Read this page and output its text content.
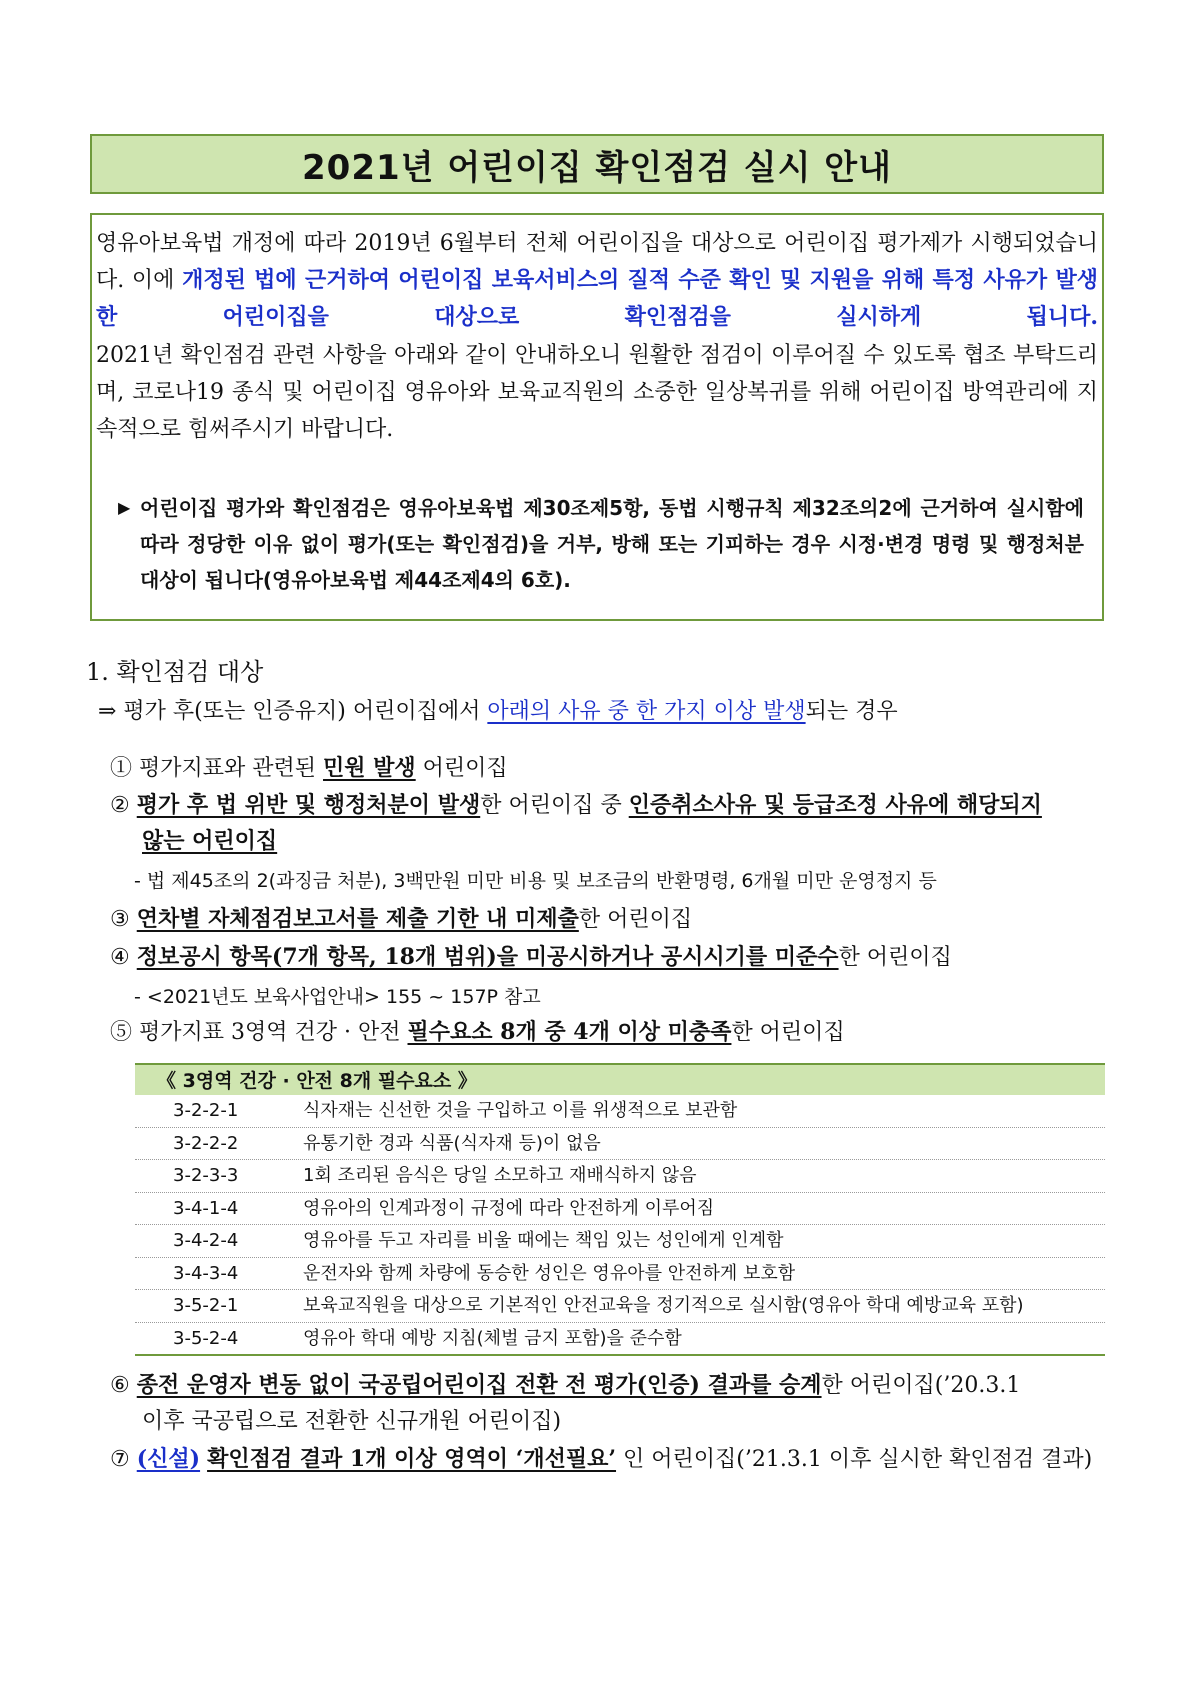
2021년 어린이집 확인점검 실시 안내
영유아보육법 개정에 따라 2019년 6월부터 전체 어린이집을 대상으로 어린이집 평가제가 시행되었습니다. 이에 개정된 법에 근거하여 어린이집 보육서비스의 질적 수준 확인 및 지원을 위해 특정 사유가 발생한 어린이집을 대상으로 확인점검을 실시하게 됩니다.
2021년 확인점검 관련 사항을 아래와 같이 안내하오니 원활한 점검이 이루어질 수 있도록 협조 부탁드리며, 코로나19 종식 및 어린이집 영유아와 보육교직원의 소중한 일상복귀를 위해 어린이집 방역관리에 지속적으로 힘써주시기 바랍니다.
▶ 어린이집 평가와 확인점검은 영유아보육법 제30조제5항, 동법 시행규칙 제32조의2에 근거하여 실시함에
따라 정당한 이유 없이 평가(또는 확인점검)을 거부, 방해 또는 기피하는 경우 시정·변경 명령 및 행정처분
대상이 됩니다(영유아보육법 제44조제4의 6호).
1. 확인점검 대상
⇒ 평가 후(또는 인증유지) 어린이집에서 아래의 사유 중 한 가지 이상 발생되는 경우
① 평가지표와 관련된 민원 발생 어린이집
② 평가 후 법 위반 및 행정처분이 발생한 어린이집 중 인증취소사유 및 등급조정 사유에 해당되지
않는 어린이집
- 법 제45조의 2(과징금 처분), 3백만원 미만 비용 및 보조금의 반환명령, 6개월 미만 운영정지 등
③ 연차별 자체점검보고서를 제출 기한 내 미제출한 어린이집
④ 정보공시 항목(7개 항목, 18개 범위)을 미공시하거나 공시시기를 미준수한 어린이집
- <2021년도 보육사업안내> 155 ~ 157P 참고
⑤ 평가지표 3영역 건강 · 안전 필수요소 8개 중 4개 이상 미충족한 어린이집
《 3영역 건강 · 안전 8개 필수요소 》
3-2-2-1	식자재는 신선한 것을 구입하고 이를 위생적으로 보관함
3-2-2-2	유통기한 경과 식품(식자재 등)이 없음
3-2-3-3	1회 조리된 음식은 당일 소모하고 재배식하지 않음
3-4-1-4	영유아의 인계과정이 규정에 따라 안전하게 이루어짐
3-4-2-4	영유아를 두고 자리를 비울 때에는 책임 있는 성인에게 인계함
3-4-3-4	운전자와 함께 차량에 동승한 성인은 영유아를 안전하게 보호함
3-5-2-1	보육교직원을 대상으로 기본적인 안전교육을 정기적으로 실시함(영유아 학대 예방교육 포함)
3-5-2-4	영유아 학대 예방 지침(체벌 금지 포함)을 준수함
⑥ 종전 운영자 변동 없이 국공립어린이집 전환 전 평가(인증) 결과를 승계한 어린이집(’20.3.1
이후 국공립으로 전환한 신규개원 어린이집)
⑦ (신설) 확인점검 결과 1개 이상 영역이 ‘개선필요’ 인 어린이집(’21.3.1 이후 실시한 확인점검 결과)
